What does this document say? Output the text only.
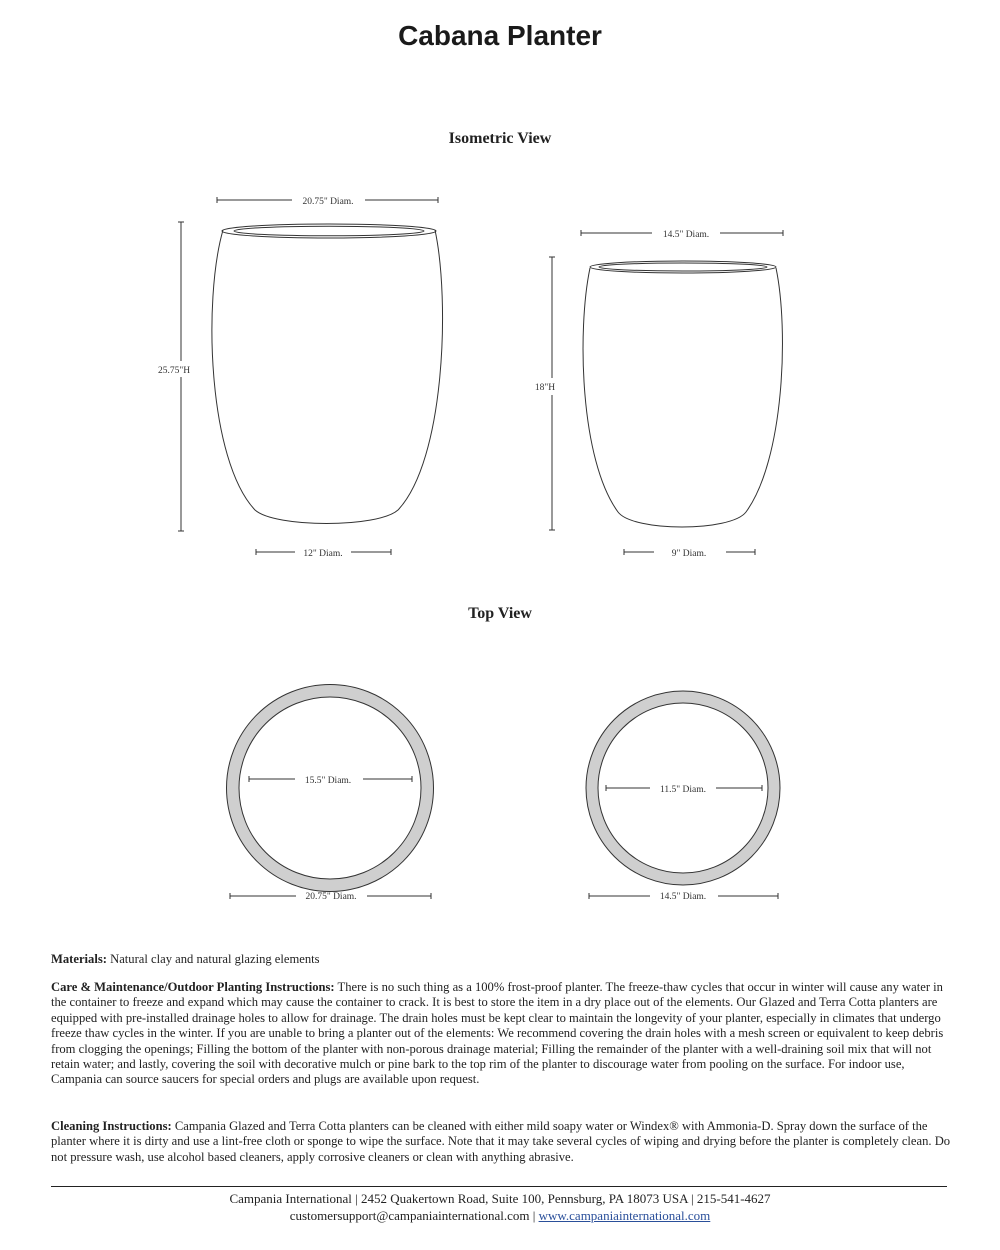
Cabana Planter
Isometric View
Top View
20.75" Diam.
25.75"H
12" Diam.
14.5" Diam.
18"H
9" Diam.
15.5" Diam.
20.75" Diam.
11.5" Diam.
14.5" Diam.
Materials: Natural clay and natural glazing elements
Care & Maintenance/Outdoor Planting Instructions: There is no such thing as a 100% frost-proof planter. The freeze-thaw cycles that occur in winter will cause any water in the container to freeze and expand which may cause the container to crack. It is best to store the item in a dry place out of the elements. Our Glazed and Terra Cotta planters are equipped with pre-installed drainage holes to allow for drainage. The drain holes must be kept clear to maintain the longevity of your planter, especially in climates that undergo freeze thaw cycles in the winter. If you are unable to bring a planter out of the elements: We recommend covering the drain holes with a mesh screen or equivalent to keep debris from clogging the openings; Filling the bottom of the planter with non-porous drainage material; Filling the remainder of the planter with a well-draining soil mix that will not retain water; and lastly, covering the soil with decorative mulch or pine bark to the top rim of the planter to discourage water from pooling on the surface. For indoor use, Campania can source saucers for special orders and plugs are available upon request.
Cleaning Instructions: Campania Glazed and Terra Cotta planters can be cleaned with either mild soapy water or Windex® with Ammonia-D. Spray down the surface of the planter where it is dirty and use a lint-free cloth or sponge to wipe the surface. Note that it may take several cycles of wiping and drying before the planter is completely clean. Do not pressure wash, use alcohol based cleaners, apply corrosive cleaners or clean with anything abrasive.
Campania International | 2452 Quakertown Road, Suite 100, Pennsburg, PA 18073 USA | 215-541-4627
customersupport@campaniainternational.com | www.campaniainternational.com
